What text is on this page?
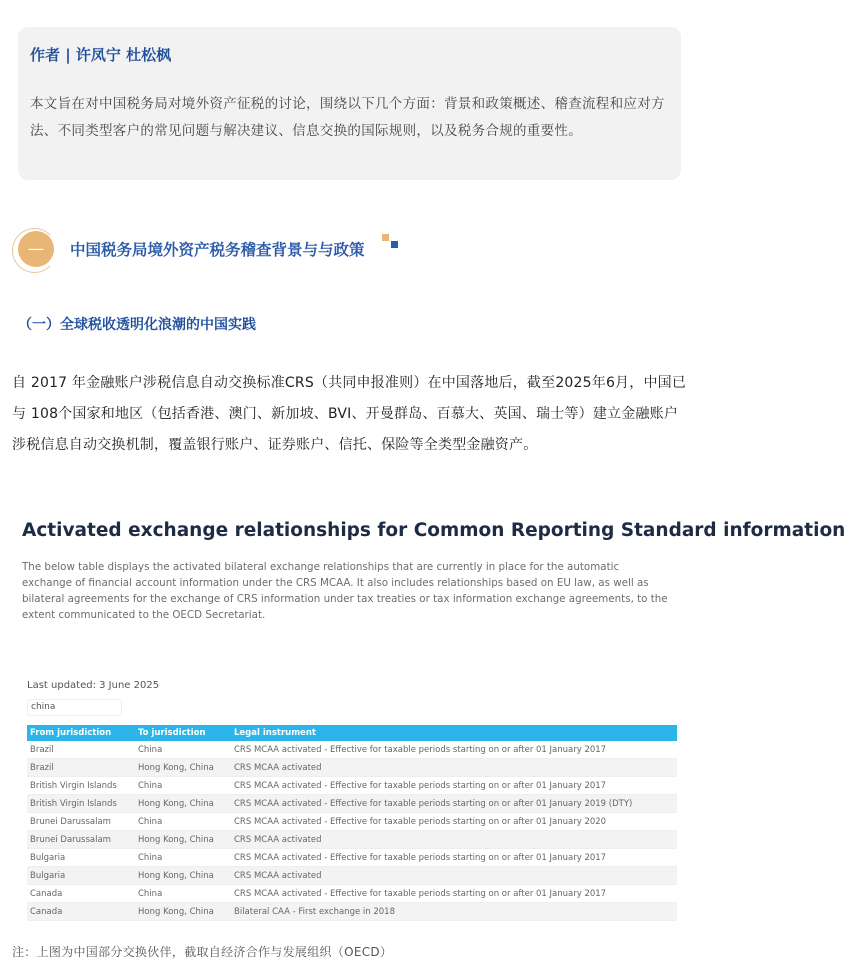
作者 | 许凤宁 杜松枫
本文旨在对中国税务局对境外资产征税的讨论，围绕以下几个方面：背景和政策概述、稽查流程和应对方法、不同类型客户的常见问题与解决建议、信息交换的国际规则，以及税务合规的重要性。
—	中国税务局境外资产税务稽查背景与与政策
（一）全球税收透明化浪潮的中国实践
自 2017 年金融账户涉税信息自动交换标准CRS（共同申报准则）在中国落地后，截至2025年6月，中国已与 108个国家和地区（包括香港、澳门、新加坡、BVI、开曼群岛、百慕大、英国、瑞士等）建立金融账户涉税信息自动交换机制，覆盖银行账户、证券账户、信托、保险等全类型金融资产。
Activated exchange relationships for Common Reporting Standard information
The below table displays the activated bilateral exchange relationships that are currently in place for the automatic exchange of financial account information under the CRS MCAA. It also includes relationships based on EU law, as well as bilateral agreements for the exchange of CRS information under tax treaties or tax information exchange agreements, to the extent communicated to the OECD Secretariat.
Last updated: 3 June 2025
china
From jurisdiction	To jurisdiction	Legal instrument
Brazil	China	CRS MCAA activated - Effective for taxable periods starting on or after 01 January 2017
Brazil	Hong Kong, China	CRS MCAA activated
British Virgin Islands	China	CRS MCAA activated - Effective for taxable periods starting on or after 01 January 2017
British Virgin Islands	Hong Kong, China	CRS MCAA activated - Effective for taxable periods starting on or after 01 January 2019 (DTY)
Brunei Darussalam	China	CRS MCAA activated - Effective for taxable periods starting on or after 01 January 2020
Brunei Darussalam	Hong Kong, China	CRS MCAA activated
Bulgaria	China	CRS MCAA activated - Effective for taxable periods starting on or after 01 January 2017
Bulgaria	Hong Kong, China	CRS MCAA activated
Canada	China	CRS MCAA activated - Effective for taxable periods starting on or after 01 January 2017
Canada	Hong Kong, China	Bilateral CAA - First exchange in 2018
注：上图为中国部分交换伙伴，截取自经济合作与发展组织（OECD）
